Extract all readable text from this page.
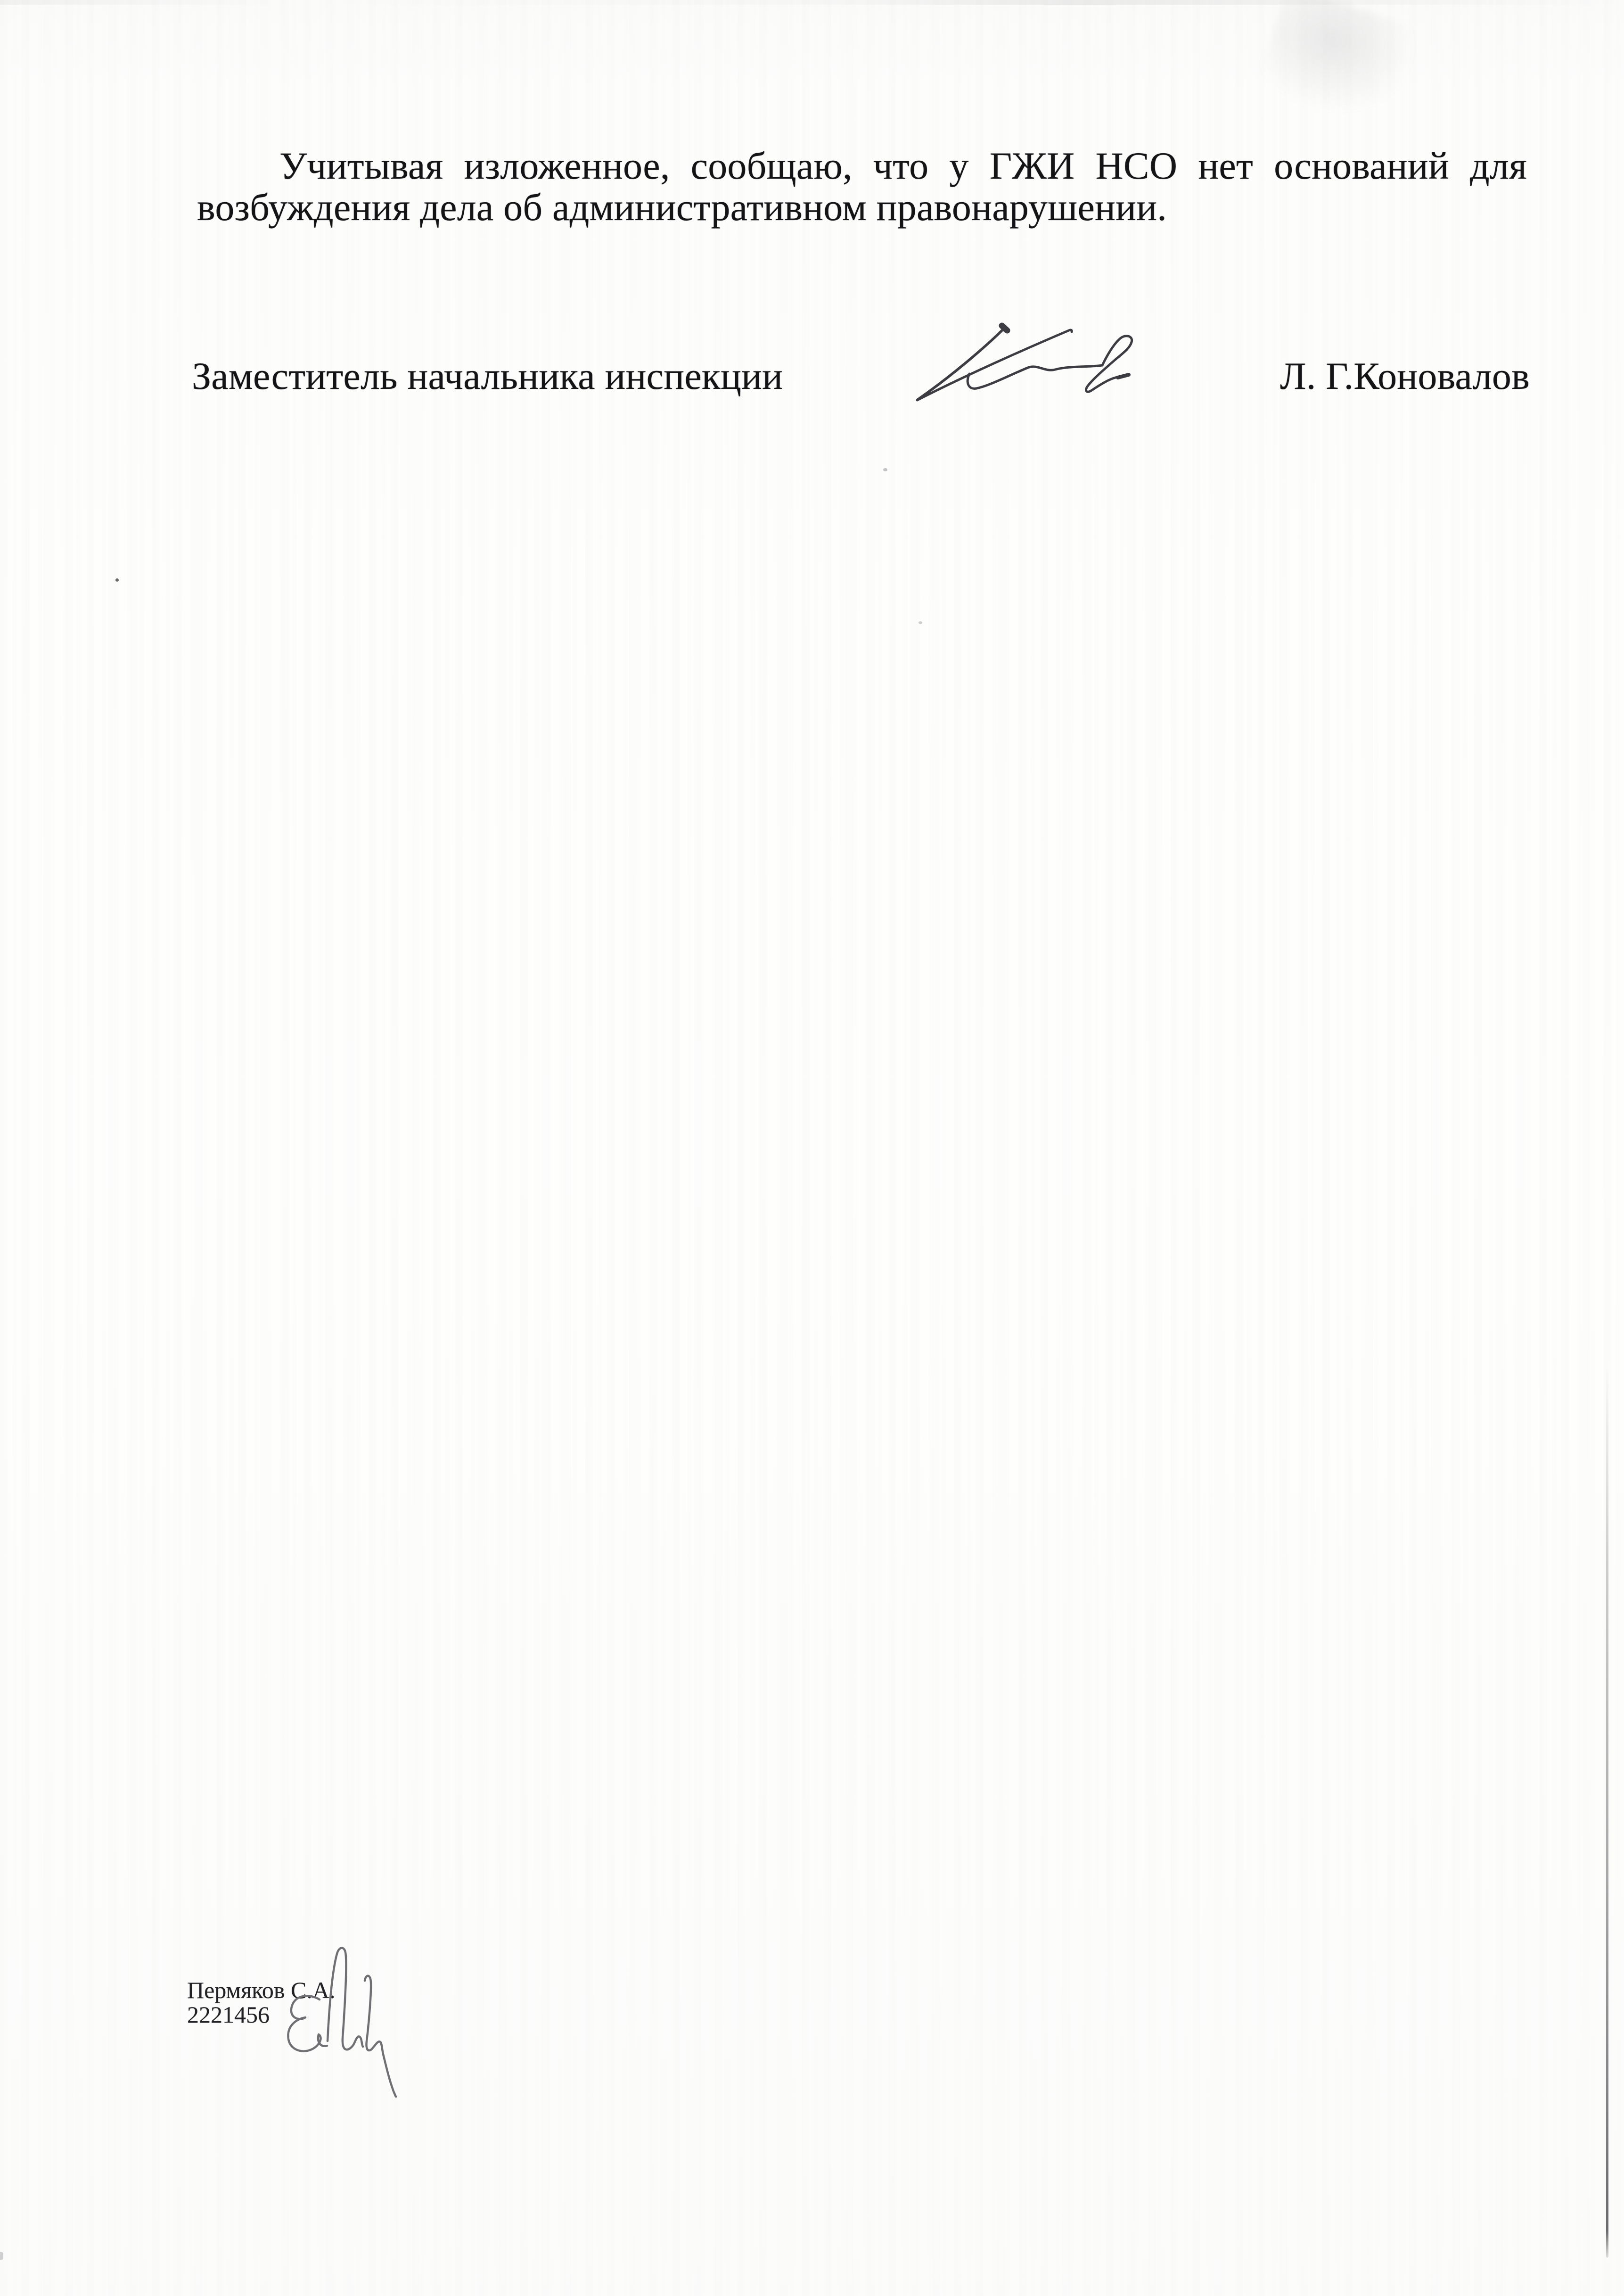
Учитывая изложенное, сообщаю, что у ГЖИ НСО нет оснований для
возбуждения дела об административном правонарушении.
Заместитель начальника инспекции	Л. Г.Коновалов
Пермяков С.А.
2221456
